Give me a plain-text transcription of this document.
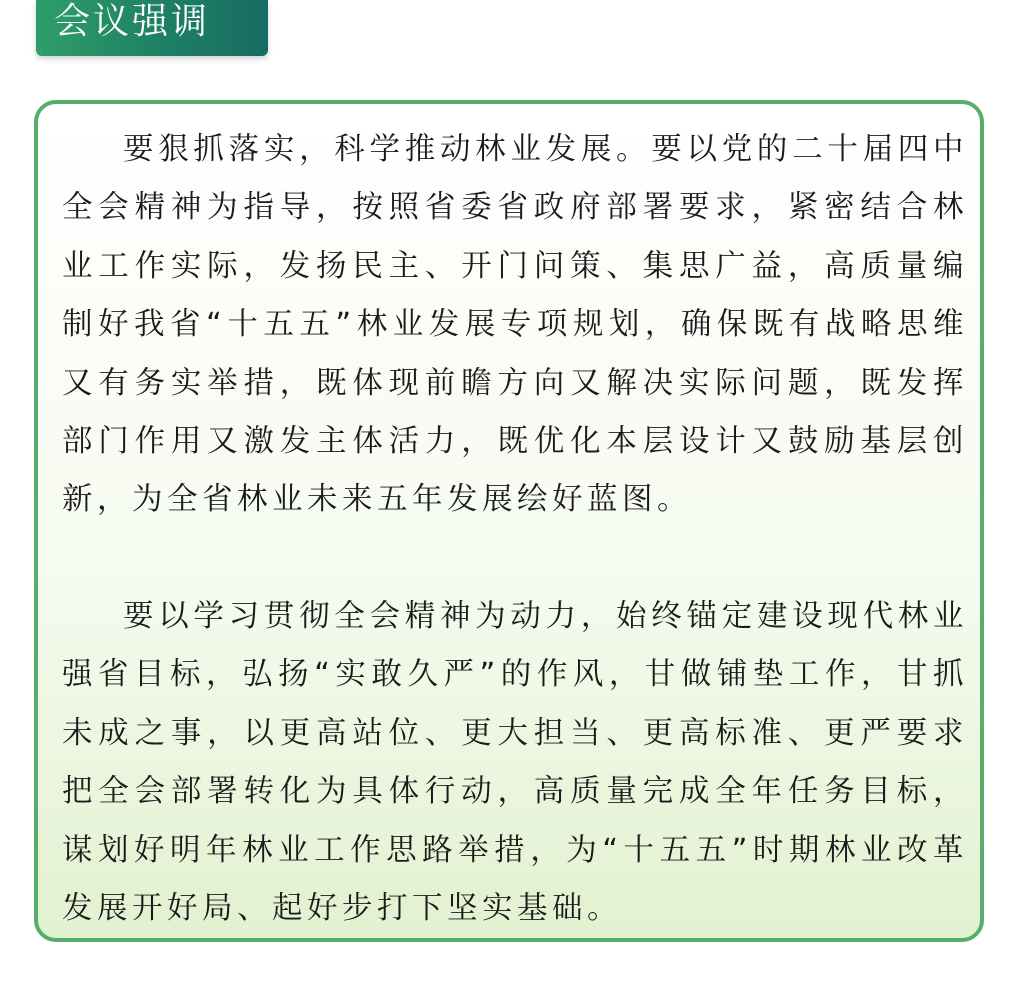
会议强调

要狠抓落实，科学推动林业发展。要以党的二十届四中全会精神为指导，按照省委省政府部署要求，紧密结合林业工作实际，发扬民主、开门问策、集思广益，高质量编制好我省“十五五”林业发展专项规划，确保既有战略思维又有务实举措，既体现前瞻方向又解决实际问题，既发挥部门作用又激发主体活力，既优化本层设计又鼓励基层创新，为全省林业未来五年发展绘好蓝图。

要以学习贯彻全会精神为动力，始终锚定建设现代林业强省目标，弘扬“实敢久严”的作风，甘做铺垫工作，甘抓未成之事，以更高站位、更大担当、更高标准、更严要求把全会部署转化为具体行动，高质量完成全年任务目标，谋划好明年林业工作思路举措，为“十五五”时期林业改革发展开好局、起好步打下坚实基础。
